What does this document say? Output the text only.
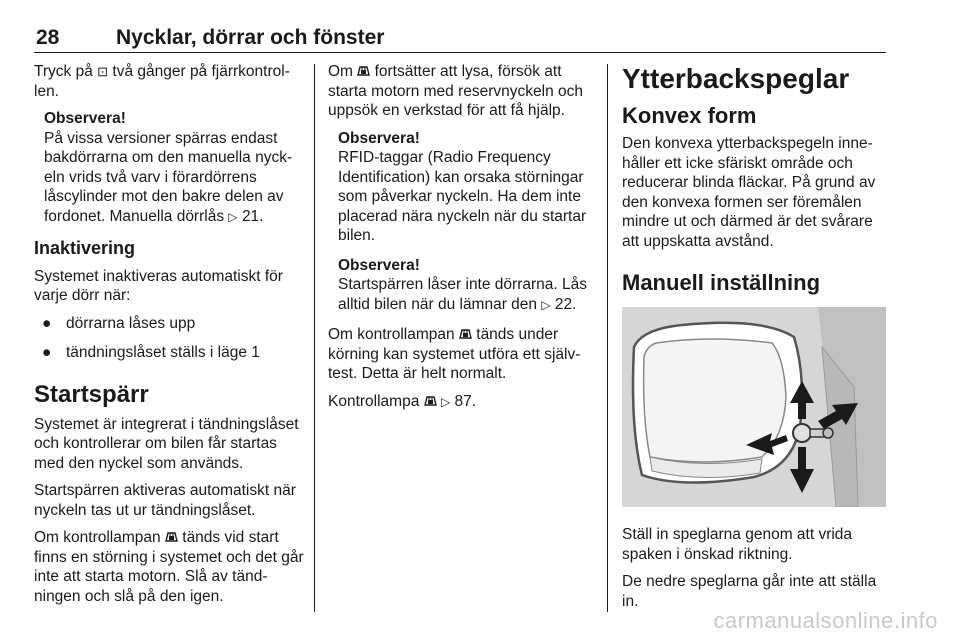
28	Nycklar, dörrar och fönster

Tryck på ⊡ två gånger på fjärrkontrollen.

Observera!
På vissa versioner spärras endast bakdörrarna om den manuella nyckeln vrids två varv i förardörrens låscylinder mot den bakre delen av fordonet. Manuella dörrlås ▷ 21.
Inaktivering

Systemet inaktiveras automatiskt för varje dörr när:

● dörrarna låses upp
● tändningslåset ställs i läge 1
Startspärr

Systemet är integrerat i tändningslåset och kontrollerar om bilen får startas med den nyckel som används.

Startspärren aktiveras automatiskt när nyckeln tas ut ur tändningslåset.

Om kontrollampan  tänds vid start finns en störning i systemet och det går inte att starta motorn. Slå av tändningen och slå på den igen.

Om  fortsätter att lysa, försök att starta motorn med reservnyckeln och uppsök en verkstad för att få hjälp.

Observera!
RFID-taggar (Radio Frequency Identification) kan orsaka störningar som påverkar nyckeln. Ha dem inte placerad nära nyckeln när du startar bilen.
Observera!
Startspärren låser inte dörrarna. Lås alltid bilen när du lämnar den ▷ 22.

Om kontrollampan  tänds under körning kan systemet utföra ett självtest. Detta är helt normalt.

Kontrollampa  ▷ 87.

Ytterbackspeglar
Konvex form

Den konvexa ytterbackspegeln innehåller ett icke sfäriskt område och reducerar blinda fläckar. På grund av den konvexa formen ser föremålen mindre ut och därmed är det svårare att uppskatta avstånd.

Manuell inställning

Ställ in speglarna genom att vrida spaken i önskad riktning.

De nedre speglarna går inte att ställa in.

carmanualsonline.info
